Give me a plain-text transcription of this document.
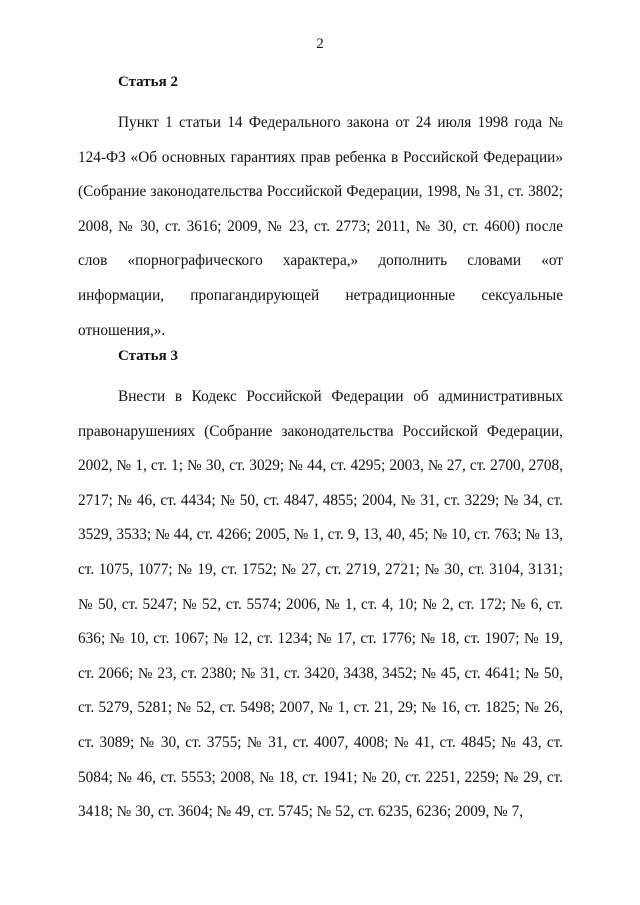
2
Статья 2

Пункт 1 статьи 14 Федерального закона от 24 июля 1998 года № 124-ФЗ «Об основных гарантиях прав ребенка в Российской Федерации» (Собрание законодательства Российской Федерации, 1998, № 31, ст. 3802; 2008, № 30, ст. 3616; 2009, № 23, ст. 2773; 2011, № 30, ст. 4600) после слов «порнографического характера,» дополнить словами «от информации, пропагандирующей нетрадиционные сексуальные отношения,».

Статья 3

Внести в Кодекс Российской Федерации об административных правонарушениях (Собрание законодательства Российской Федерации, 2002, № 1, ст. 1; № 30, ст. 3029; № 44, ст. 4295; 2003, № 27, ст. 2700, 2708, 2717; № 46, ст. 4434; № 50, ст. 4847, 4855; 2004, № 31, ст. 3229; № 34, ст. 3529, 3533; № 44, ст. 4266; 2005, № 1, ст. 9, 13, 40, 45; № 10, ст. 763; № 13, ст. 1075, 1077; № 19, ст. 1752; № 27, ст. 2719, 2721; № 30, ст. 3104, 3131; № 50, ст. 5247; № 52, ст. 5574; 2006, № 1, ст. 4, 10; № 2, ст. 172; № 6, ст. 636; № 10, ст. 1067; № 12, ст. 1234; № 17, ст. 1776; № 18, ст. 1907; № 19, ст. 2066; № 23, ст. 2380; № 31, ст. 3420, 3438, 3452; № 45, ст. 4641; № 50, ст. 5279, 5281; № 52, ст. 5498; 2007, № 1, ст. 21, 29; № 16, ст. 1825; № 26, ст. 3089; № 30, ст. 3755; № 31, ст. 4007, 4008; № 41, ст. 4845; № 43, ст. 5084; № 46, ст. 5553; 2008, № 18, ст. 1941; № 20, ст. 2251, 2259; № 29, ст. 3418; № 30, ст. 3604; № 49, ст. 5745; № 52, ст. 6235, 6236; 2009, № 7,
